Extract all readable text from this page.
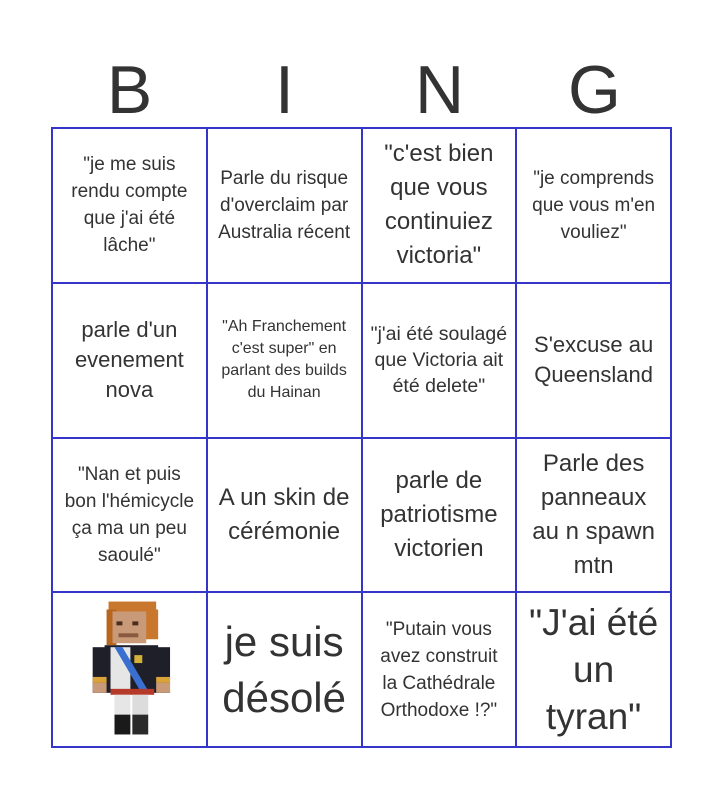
B	I	N	G
"je me suis rendu compte que j'ai été lâche"
Parle du risque d'overclaim par Australia récent
"c'est bien que vous continuiez victoria"
"je comprends que vous m'en vouliez"
parle d'un evenement nova
"Ah Franchement c'est super" en parlant des builds du Hainan
"j'ai été soulagé que Victoria ait été delete"
S'excuse au Queensland
"Nan et puis bon l'hémicycle ça ma un peu saoulé"
A un skin de cérémonie
parle de patriotisme victorien
Parle des panneaux au n spawn mtn
je suis désolé
"Putain vous avez construit la Cathédrale Orthodoxe !?"
"J'ai été un tyran"
